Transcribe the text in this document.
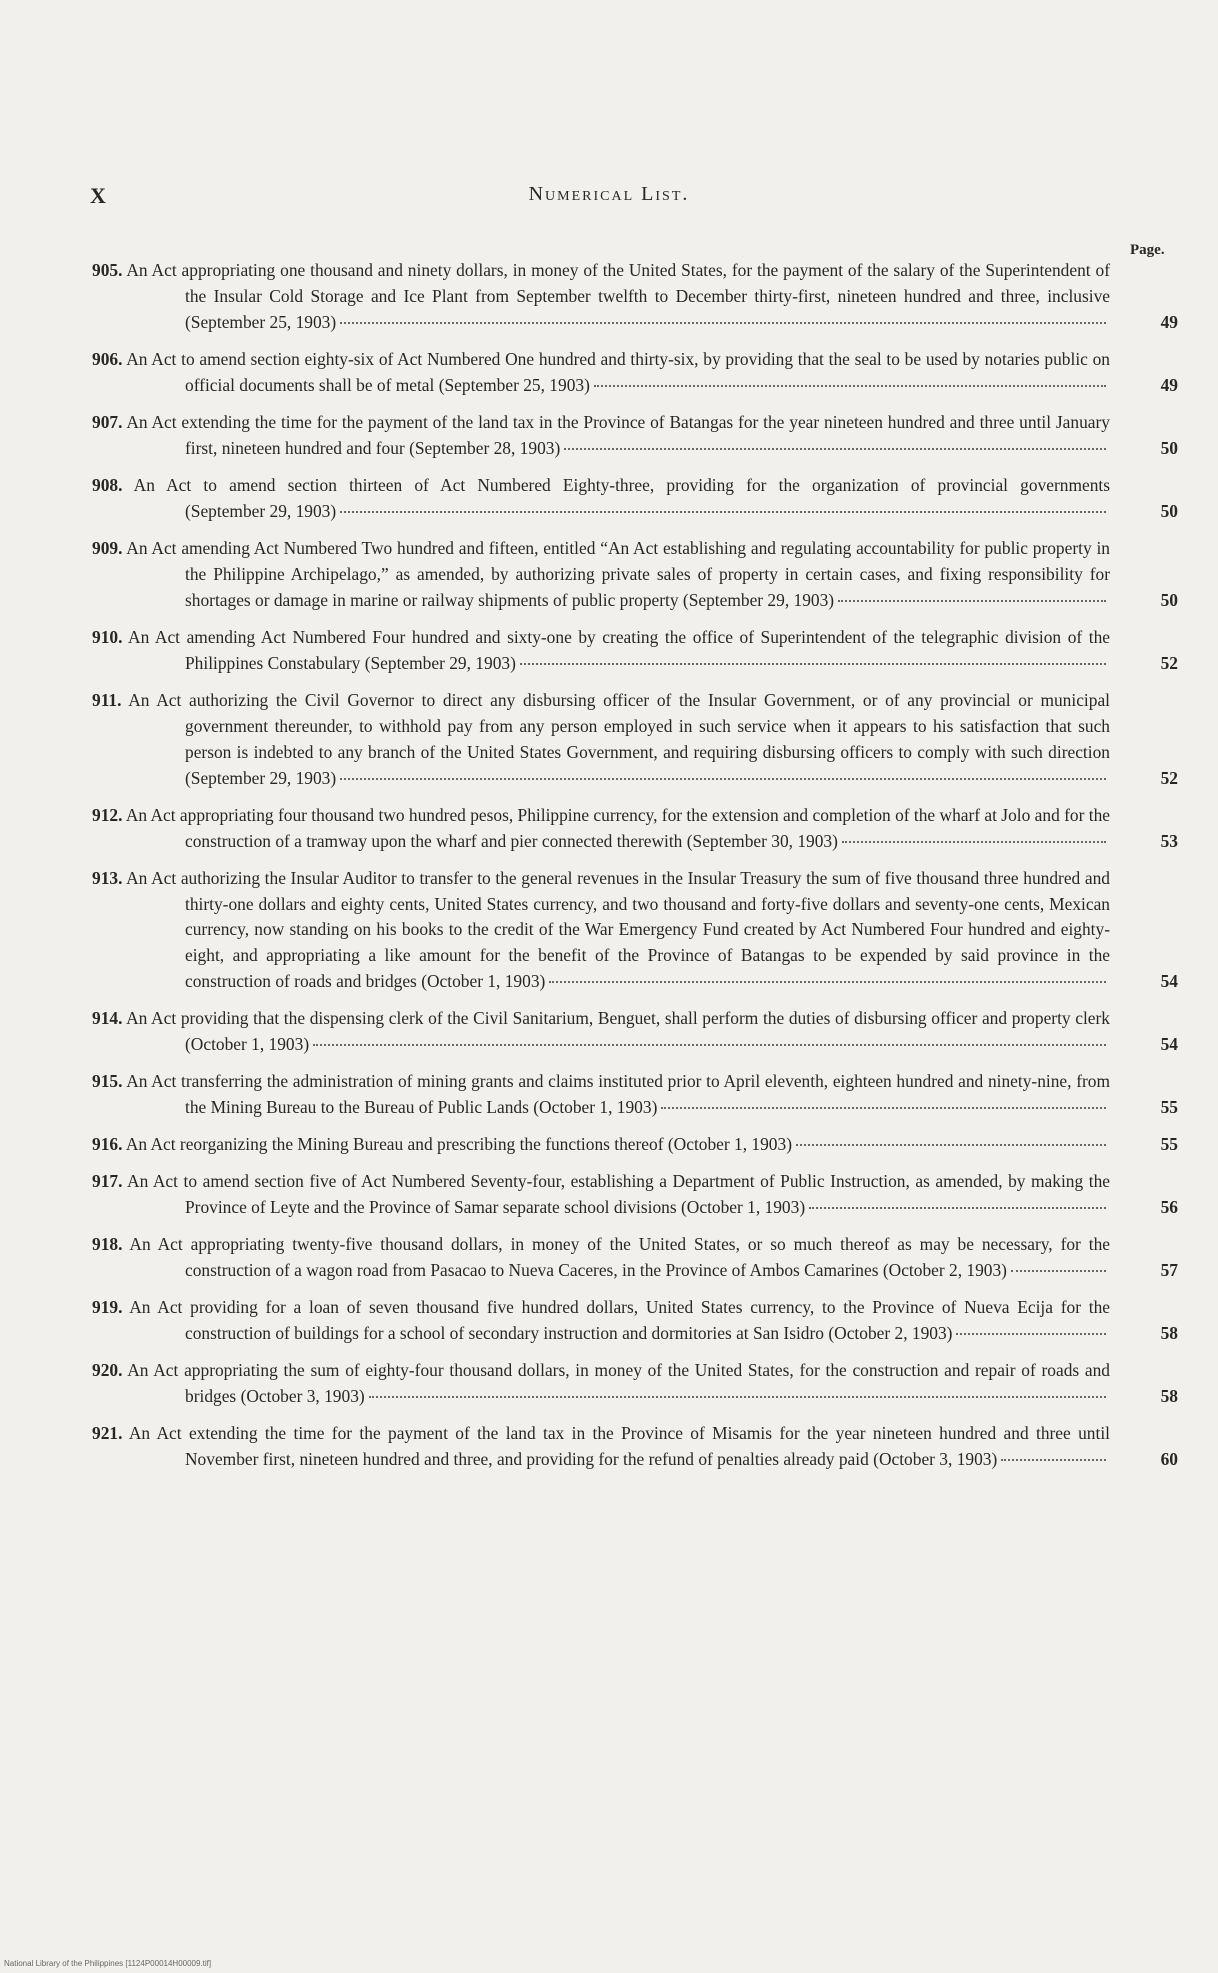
X	Numerical List.
Page.
905. An Act appropriating one thousand and ninety dollars, in money of the United States, for the payment of the salary of the Superintendent of the Insular Cold Storage and Ice Plant from September twelfth to December thirty-first, nineteen hundred and three, inclusive (September 25, 1903)	49
906. An Act to amend section eighty-six of Act Numbered One hundred and thirty-six, by providing that the seal to be used by notaries public on official documents shall be of metal (September 25, 1903)	49
907. An Act extending the time for the payment of the land tax in the Province of Batangas for the year nineteen hundred and three until January first, nineteen hundred and four (September 28, 1903)	50
908. An Act to amend section thirteen of Act Numbered Eighty-three, providing for the organization of provincial governments (September 29, 1903)	50
909. An Act amending Act Numbered Two hundred and fifteen, entitled “An Act establishing and regulating accountability for public property in the Philippine Archipelago,” as amended, by authorizing private sales of property in certain cases, and fixing responsibility for shortages or damage in marine or railway shipments of public property (September 29, 1903)	50
910. An Act amending Act Numbered Four hundred and sixty-one by creating the office of Superintendent of the telegraphic division of the Philippines Constabulary (September 29, 1903)	52
911. An Act authorizing the Civil Governor to direct any disbursing officer of the Insular Government, or of any provincial or municipal government thereunder, to withhold pay from any person employed in such service when it appears to his satisfaction that such person is indebted to any branch of the United States Government, and requiring disbursing officers to comply with such direction (September 29, 1903)	52
912. An Act appropriating four thousand two hundred pesos, Philippine currency, for the extension and completion of the wharf at Jolo and for the construction of a tramway upon the wharf and pier connected therewith (September 30, 1903)	53
913. An Act authorizing the Insular Auditor to transfer to the general revenues in the Insular Treasury the sum of five thousand three hundred and thirty-one dollars and eighty cents, United States currency, and two thousand and forty-five dollars and seventy-one cents, Mexican currency, now standing on his books to the credit of the War Emergency Fund created by Act Numbered Four hundred and eighty-eight, and appropriating a like amount for the benefit of the Province of Batangas to be expended by said province in the construction of roads and bridges (October 1, 1903)	54
914. An Act providing that the dispensing clerk of the Civil Sanitarium, Benguet, shall perform the duties of disbursing officer and property clerk (October 1, 1903)	54
915. An Act transferring the administration of mining grants and claims instituted prior to April eleventh, eighteen hundred and ninety-nine, from the Mining Bureau to the Bureau of Public Lands (October 1, 1903)	55
916. An Act reorganizing the Mining Bureau and prescribing the functions thereof (October 1, 1903)	55
917. An Act to amend section five of Act Numbered Seventy-four, establishing a Department of Public Instruction, as amended, by making the Province of Leyte and the Province of Samar separate school divisions (October 1, 1903)	56
918. An Act appropriating twenty-five thousand dollars, in money of the United States, or so much thereof as may be necessary, for the construction of a wagon road from Pasacao to Nueva Caceres, in the Province of Ambos Camarines (October 2, 1903)	57
919. An Act providing for a loan of seven thousand five hundred dollars, United States currency, to the Province of Nueva Ecija for the construction of buildings for a school of secondary instruction and dormitories at San Isidro (October 2, 1903)	58
920. An Act appropriating the sum of eighty-four thousand dollars, in money of the United States, for the construction and repair of roads and bridges (October 3, 1903)	58
921. An Act extending the time for the payment of the land tax in the Province of Misamis for the year nineteen hundred and three until November first, nineteen hundred and three, and providing for the refund of penalties already paid (October 3, 1903)	60
National Library of the Philippines [1124P00014H00009.tif]
